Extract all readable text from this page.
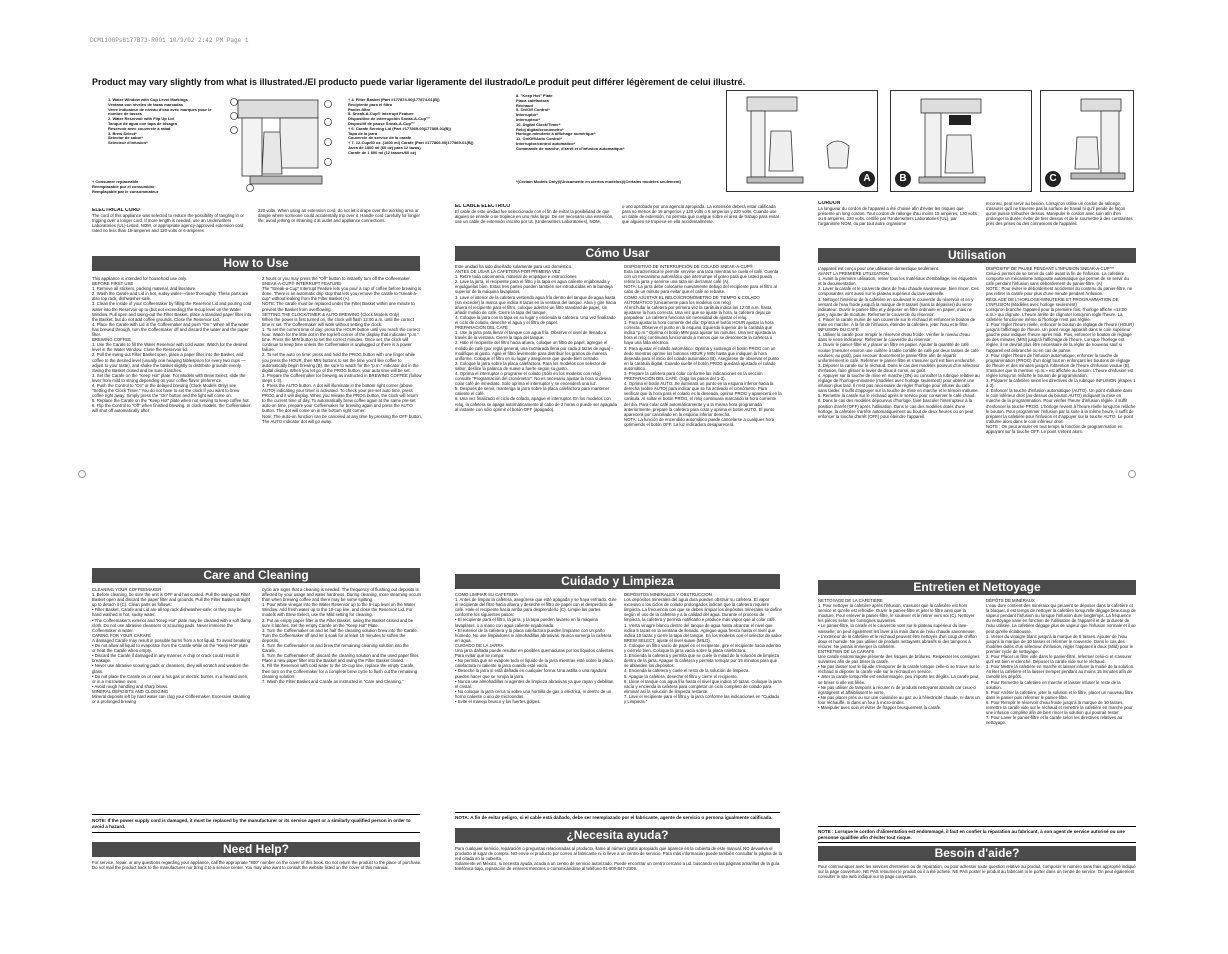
DCM1100PsB177B73-R001 10/9/02 2:42 PM Page 1
Product may vary slightly from what is illustrated./El producto puede variar ligeramente del ilustrado/Le produit peut différer légèrement de celui illustré.
1. Water Window with Cup Level Markings
Ventana con niveles de tazas marcadas
Verre indicateur de niveau d'eau avec marques pour le nombre de tasses
2. Water Reservoir with Flip Up Lid
Tanque de agua con tapa de bisagra
Réservoir avec couvercle à rabat
3. Brew Select*
Selector de sabor*
Sélecteur d'infusion*
† Consumer replaceable
Reemplazable por el consumidor
Remplaçable par le consommateur
† 4. Filter Basket (Part #177874-00|177874-01(B))
Recipiente para el filtro
Panier-filtre
5. Sneak-A-Cup® Interrupt Feature
Dispositivo de interrupción Sneak-A-Cup™
Dispositif de pause Sneak-A-Cup™
† 6. Carafe Serving Lid (Part #177869-00|177869-01(B))
Tapa de la jarra
Couvercle de service de la carafe
† 7. 12-Cup/60 oz. (1800 ml) Carafe (Part #177869-00|177869-01(B))
Jarra de 1800 ml (60 oz) para 12 tazas)
Carafe de 1 800 ml (12 tasses/60 oz)
8. "Keep Hot" Plate
Placa calefactora
Réchaud
9. On/Off Control*
Interruptor*
Interrupteur*
10. Digital Clock/Timer*
Reloj digital/cronómetro*
Horloge-minuterie à affichage numérique*
11. On/Off/Auto Control*
Interruptor/control automático*
Commande de marche, d'arrêt et d'infusion automatique*
*(Certain Models Only)/(Únicamente en ciertos modelos)/(Certains modèles seulement)	A	B	C
ELECTRICAL CORD
The cord of this appliance was selected to reduce the possibility of tangling in or tripping over a longer cord. If more length is needed, use an Underwriters Laboratories (UL)-Listed, NOM, or appropriate agency-approved extension cord rated no less than 15-amperes and 120 volts or 6-amperes
220 volts. When using an extension cord, do not let it drape over the working area or dangle where someone could accidentally trip over it. Handle cord carefully for longer life; avoid jerking or straining it at outlet and appliance connections.
How to Use
This appliance is intended for household use only.
BEFORE FIRST USE
1. Remove all stickers, packing material, and literature.
2. Wash the Carafe and Lid in hot, sudsy water—rinse thoroughly. These parts are also top rack, dishwasher-safe.
3. Clean the inside of your Coffeemaker by filling the Reservoir Lid and pouring cold water into the Reservoir up to (but not exceeding) the 8-cup level on the Water Window. Pull open and swing-out the Filter Basket, place a standard paper filter into the Basket, but do not add coffee grounds. Close the Reservoir Lid.
4. Place the Carafe with Lid in the Coffeemaker and push "On." When all the water has brewed through, turn the Coffeemaker off and discard the water and the paper filter.
BREWING COFFEE
1. Use the Carafe to fill the Water Reservoir with cold water. Watch for the desired level in the Water Window. Close the Reservoir lid.
2. Pull the swing-out Filter Basket open, place a paper filter into the Basket, and coffee to the desired level (usually one heaping tablespoon for every two cups — adjust to your taste), and shake the basket slightly to distribute grounds evenly. Swing the Basket closed and be sure it latches.
3. Set the Carafe on the "Keep Hot" plate. For Models with Brew Select, slide the lever from mild to strong depending on your coffee flavor preference.
4. Push the Control to "On" or the delayed brewing (Clock Models Only) see "Setting the Clock Timer." You do not have to set the clock if you want to brew coffee right away. Simply press the "On" button and the light will come on.
5. Replace the Carafe on the "Keep Hot" plate when not serving to keep coffee hot.
6. Flip the Control to "Off" when finished brewing. In clock models, the Coffeemaker will shut off automatically after
2 hours or you may press the "Off" button to instantly turn off the Coffeemaker.
SNEAK-A-CUP® INTERRUPT FEATURE
The "Sneak-a-Cup" Interrupt Feature lets you pour a cup of coffee before brewing is done. There is an automatic drip stop that lets you remove the carafe to "sneak-a-cup" without leaking from the Filter Basket (A).
NOTE: The carafe must be replaced under the Filter Basket within one minute to prevent the Basket from overflowing.
SETTING THE CLOCK/TIMER & AUTO BREWING (Clock Models Only)
When the power is first turned on, the clock will flash 12:00 a.m. until the correct time is set. The Coffeemaker will work without setting the clock.
1. To set the current time of day: press the HOUR button until you reach the correct hour. Watch for the little dot in the top left corner of the display that indicates "p.m." time. Press the MIN button to set the correct minutes. Once set, the clock will continue to keep time unless the Coffeemaker is unplugged or there is a power failure.
2. To set the auto on time: press and hold the PROG button with one finger while you press the HOUR, then MIN buttons to set the time you'd like coffee to automatically begin brewing (B). Be sure to watch for the "p.m." indicator dot in the digital display. When you let go of the PROG button, your auto time will be set.
3. Prepare the Coffeemaker for brewing as instructed in BREWING COFFEE (follow steps 1-3).
4. Press the AUTO button. A dot will illuminate in the bottom right corner (above AUTO) indicating your timer is activated. To check your pre-set auto time, press PROG and it will display. When you release the PROG button, the clock will return to the current time of day. To automatically brew coffee again at the same pre-set auto-on time, prepare your Coffeemaker for brewing again and press the AUTO button. The dot will come on in the bottom right corner.
Note: The auto-on function can be canceled at any time by pressing the OFF button. The AUTO indicator dot will go away.
Care and Cleaning
CLEANING YOUR COFFEEMAKER
1. Before cleaning, be sure the unit is OFF and has cooled. Pull the swing-out Filter Basket open and discard the paper filter and grounds. Pull the Filter Basket straight up to detach it (C). Clean parts as follows:
• Filter Basket, Carafe and Lid are all top rack dishwasher-safe; or they may be hand washed in hot, sudsy water.
• The Coffeemaker's exterior and "Keep Hot" plate may be cleaned with a soft damp cloth. Do not use abrasive cleansers or scouring pads. Never immerse the Coffeemaker in water.
CARING FOR YOUR CARAFE
A damaged Carafe may result in possible burns from a hot liquid. To avoid breaking:
• Do not allow all liquid to evaporate from the Carafe while on the "Keep Hot" plate or heat the Carafe when empty.
• Discard the Carafe if damaged in any manner. A chip or crack could result in breakage.
• Never use abrasive scouring pads or cleansers, they will scratch and weaken the glass.
• Do not place the Carafe on or near a hot gas or electric burner, in a heated oven, or in a microwave oven.
• Avoid rough handling and sharp blows.
MINERAL DEPOSITS AND CLOGGING
Mineral deposits left by hard water can clog your Coffeemaker. Excessive steaming or a prolonged brewing
cycle are signs that a cleaning is needed. The frequency of flushing out deposits is affected by your usage and water hardness. During cleaning, more steaming occurs than when brewing coffee and there may be some spitting.
1. Pour white vinegar into the Water Reservoir up to the 5-cup level on the Water Window. Add fresh water up to the 10-cup line, and close the Reservoir Lid. For models with Brew Select, use the Mild setting for cleaning.
2. Put an empty paper filter in the Filter Basket, swing the Basket closed and be sure it latches. Set the empty Carafe on the "Keep Hot" Plate.
3. Turn the Coffeemaker on and let half the cleaning solution brew into the Carafe. Turn the Coffeemaker off and let it soak for at least 15 minutes to soften the deposits.
4. Turn the Coffeemaker on and brew the remaining cleaning solution into the Carafe.
5. Turn the Coffeemaker off; discard the cleaning solution and the used paper filter. Place a new paper filter into the Basket and swing the Filter Basket closed.
6. Fill the Reservoir with cold water to the 10-cup line, replace the empty Carafe, then turn on the Coffeemaker for a complete brew cycle to flush out the remaining cleaning solution.
7. Wash the Filter Basket and Carafe as instructed in "Care and Cleaning."
NOTE: If the power supply cord is damaged, it must be replaced by the manufacturer or its service agent or a similarly qualified person in order to avoid a hazard.
Need Help?
For service, repair, or any questions regarding your appliance, call the appropriate "800" number on the cover of this book. Do not return the product to the place of purchase. Do not mail the product back to the manufacturer nor bring it to a service center. You may also want to consult the website listed on the cover of this manual.
EL CABLE ELECTRICO
El cable de este unidad fue seleccionado con el fin de evitar la posibilidad de que alguien se enrede o se tropiece en uno más largo. De ser necesario una extensión, use un cable de extensión inscrito por UL (Underwriters Laboratories), NOM,
o uno aprobado por una agencia apropiada. La extensión deberá estar calificada para no menos de 15 amperios y 120 volts o 6 amperios y 220 volts. Cuando use un cable de extensión, no permita que cuelgue sobre el área de trabajo para evitar que alguien se tropiece en ella accidentalmente.
Cómo Usar
Este unidad ha sido diseñado solamente para uso doméstico.
ANTES DE USAR LA CAFETERA POR PRIMERA VEZ
1. Retire toda calcomanía, material de empaque e instrucciones
2. Lave la jarra, el recipiente para el filtro y la tapa en agua caliente enjabonada y enjuáguelas bien. Estas tres partes pueden también ser introducidas en la bandeja superior de la máquina lavaplatos.
3. Lave el interior de la cafetera vertiendo agua fría dentro del tanque de agua hasta (sin exceder) la marca que indica 8 tazas en la ventana del tanque. Abra y gire hacia afuera el recipiente para el filtro, coloque adentro un filtro standard de papel, sin añadir molido de café. Cierre la tapa del tanque.
4. Coloque la jarra con la tapa en su lugar y encienda la cafetera. Una vez finalizado el ciclo de colado, deseche el agua y el filtro de papel.
PREPARACIÓN DEL CAFÉ
1. Use la jarra para llenar el tanque con agua fría. Observe el nivel de llenado a través de la ventana. Cierre la tapa del tanque.
2. Hale el recipiente del filtro hacia afuera, coloque un filtro de papel, agregue el molido de café (por regla general, una cucharada llena por cada 2 tazas de agua) - modifique al gusto. Agite el filtro levemente para distribuir los granos de manera uniforme. Coloque el filtro en su lugar y asegúrese que quede bien cerrado.
3. Coloque la jarra sobre la placa calefactora. Para los modelos con selector de sabor, deslice la palanca de suave a fuerte según su gusto.
4. Oprima el interruptor o programe el colado (Sólo en los modelos con reloj) consulte "Programación del cronómetro". No es necesario ajustar la hora si desea colar café de inmediato. Sólo oprima el interruptor y se encenderá una luz.
5. Después de servir, mantenga la jarra sobre la placa calefactora para mantener caliente el café.
6. Una vez finalizado el ciclo de colado, apague el interruptor. En los modelos con reloj, la cafetera se apaga automáticamente al cabo de 2 horas o puede ser apagada al instante con sólo oprimir el botón OFF (apagado).
DISPOSITIVO DE INTERRUPCIÓN DE COLADO SNEAK-A-CUP®
Esta característica le permite servirse una taza mientras se cuela el café. Cuenta con un mecanismo automático que interrumpe el goteo para que usted pueda retirar la jarra y servirse una taza sin derramar café (A).
NOTA: La jarra debe colocarse nuevamente debajo del recipiente para el filtro al cabo de un minuto para evitar que el café se rebalse.
COMO AJUSTAR EL RELOJ/CRONÓMETRO DE TIEMPO & COLADO AUTOMÁTICO (Únicamente para los modelos con reloj)
Al enchufar la cafetera por primera vez la carátula indica las 12:00 a.m. hasta ajustarse la hora correcta. Una vez que se ajuste la hora, la cafetera dejar de parpadear. La cafetera funciona sin necesidad de ajustar el reloj.
1. Para ajustar la hora corriente del día: Oprima el botón HOUR ajustar la hora correcta. Observe el punto en la esquina izquierda superior de la carátula que indica "p.m." Oprima el botón MIN para ajustar los minutos. Una vez ajustada la hora el reloj continuara funcionando a menos que se desconecte la cafetera o haya una falla eléctrica.
2. Para ajustar el colado automático: Oprima y sostenga el botón PROG con un dedo mientras oprime los botones HOUR y MIN hasta que indiquen la hora deseada para el inicio del colado automático (B). Asegúrese de observar el punto en la carátula digital. Cuando suelte el botón PROG quedará ajustado el colado automático.
3. Prepare la cafetera para colar conforme las indicaciones en la sección PREPARACIÓN DEL CAFÉ. (Siga los pasos del 1-3).
4. Oprima el botón AUTO. Se iluminará un punto en la esquina inferior hacia la derecha (sobre AUTO) para indicar que se ha activado el cronómetro. Para verificar que la hora para el colado es la deseada, oprima PROG y aparecerá en la carátula. Al soltar el botón PROG, el reloj continuara marcando la hora corriente del día. Para colar café automáticamente y a la misma hora programada anteriormente, prepare la cafetera para colar y oprima el botón AUTO. El punto aparecerá por cancelado en la esquina inferior derecha.
NOTA: La función de encendido automático puede cancelarse a cualquier hora oprimiendo el botón OFF. La luz indicadora desaparecerá.
Cuidado y Limpieza
COMO LIMPIAR SU CAFETERA
1. Antes de limpiar la cafetera, asegúrese que esté apagada y se haya enfriado. Gire el recipiente del filtro hacia afuera y deseche el filtro de papel con el desperdicio de café. Hale el recipiente hacia arriba para desprenderlo (C). Limpie las partes conforme los siguientes pasos:
• El recipiente para el filtro, la jarra, y la tapa pueden lavarse en la máquina lavaplatos, o a mano con agua caliente enjabonada.
• El exterior de la cafetera y la placa calefactora pueden limpiarse con un paño húmedo. No use limpiadores ni almohadillas abrasivas. Nunca sumerja la cafetera en agua.
CUIDADO DE LA JARRA
Una jarra dañada puede resultar en posibles quemaduras por los líquidos calientes. Para evitar que se rompa:
• No permita que se evapore todo el líquido de la jarra mientras esté sobre la placa calefactora ni caliente la jarra cuando esté vacía.
• Deseche la jarra si está dañada en cualquier forma. Una astilla o una rajadura pueden hacer que se rompa la jarra.
• Nunca use almohadillas ni agentes de limpieza abrasivas ya que rayan y debilitan el cristal.
• No coloque la jarra cerca ni sobre una hornilla de gas o eléctrica, ni dentro de un horno caliente o uno de microondas.
• Evite el manejo brusco y los fuertes golpes.
DEPÓSITOS MINERALES Y OBSTRUCCION
Los depósitos minerales del agua dura pueden obstruir su cafetera. El vapor excesivo o los ciclos de colado prolongados indican que la cafetera requiere limpieza. La frecuencia con que se deben limpiar los depósitos minerales se define según el uso de la cafetera y a la calidad del agua. Durante el proceso de limpieza, la cafetera y permita notificarlo e produce más vapor que al colar café.
1. Vierta vinagre blanco dentro del tanque de agua hasta alcanzar el nivel que indica 5 tazas en la ventana de llenado. Agregue agua fresca hasta el nivel que indica 10 tazas y cierre la tapa del tanque. En los modelos con el selector de sabor BREW SELECT, ajuste el nivel suave (MILD).
2. Coloque un filtro vacío de papel en el recipiente, gire el recipiente hacia adentro y ciérrelo bien. Coloque la jarra vacía sobre la placa calefactora.
3. Encienda la cafetera y permita que se cuele la mitad de la solución de limpieza dentro de la jarra. Apague la cafetera y permita remojar por 15 minutos para que se ablanden los depósitos.
4. Encienda la cafetera y cuele el resto de la solución de limpieza.
5. Apague la cafetera, deseche el filtro y cierre el recipiente.
6. Llene el tanque con agua fría hasta el nivel que indica 10 tazas. Coloque la jarra vacía y encienda la cafetera para completar un ciclo completo de colado para eliminar así la solución de limpieza restante.
7. Lave el recipiente para el filtro y la jarra conforme las indicaciones en "Cuidado y Limpieza."
NOTA: A fin de evitar peligro, si el cable está dañado, debe ser reemplazado por el fabricante, agente de servicio o persona igualmente calificada.
¿Necesita ayuda?
Para cualquier servicio, reparación o preguntas relacionadas al producto, llame al número gratis apropiado que aparece en la cubierta de este manual. NO devuelva el producto al lugar de compra. NO envíe el producto por correo al fabricante ni lo lleve a un centro de servicio. Para más información puede también consultar la página de la red citada en la cubierta.
Solamente en México, si necesita ayuda, acuda a un centro de servicio autorizado. Puede encontrar un centro cercano a ud. buscando en las páginas amarillas de la guía telefónica bajo, reparación de enseres menores o comunicándose al teléfono 01-800-847-2309.
CORDON
La longueur du cordon de l'appareil a été choisie afin d'éviter les risques que présente un long cordon. Tout cordon de rallonge d'au moins 15 ampères, 120 volts ou 6 ampères, 220 volts, certifié par l'Underwriters Laboratories (UL), par l'organisme NOM, ou par tout autre organisme
reconnu, peut servir au besoin. Lorsqu'on utilise un cordon de rallonge, s'assurer qu'il ne traverse pas la surface de travail ni qu'il pende de façon qu'on puisse trébucher dessus. Manipuler le cordon avec soin afin d'en prolonger la durée; éviter de tirer dessus et de le soumettre à des contraintes près des prises ou des connexions de l'appareil.
Utilisation
L'appareil est conçu pour une utilisation domestique seulement.
AVANT LA PREMIÈRE UTILISATION
1. Avant la première utilisation, retirer tous les matériaux d'emballage, les étiquettes et la documentation.
2. Laver la carafe et le couvercle dans de l'eau chaude savonneuse, bien rincer. Ces composantes vont aussi sur le plateau supérieur du lave-vaisselle.
3. Nettoyer l'intérieur de la cafetière en soulevant le couvercle du réservoir et en y versant de l'eau froide jusqu'à la marque de 8 tasses (sans la dépasser) du verre indicateur. Ouvrir le panier-filtre et y déposer un filtre ordinaire en papier, mais ne pas y ajouter de mouture. Refermer le couvercle du réservoir.
4. Placer la carafe munie de son couvercle sur le réchaud et enfoncer le bouton de mise en marche. À la fin de l'infusion, éteindre la cafetière, jeter l'eau et le filtre.
INFUSION DU CAFÉ
1. Utiliser la carafe pour remplir le réservoir d'eau froide. Vérifier le niveau d'eau dans le verre indicateur. Refermer le couvercle du réservoir.
2. Ouvrir le panier-filtre et y placer un filtre en papier. Ajouter la quantité de café voulue (mesurer environ une cuillère à table comble de café par deux tasses de café voulues; au goût), puis secouer doucement le panier-filtre afin de répartir uniformément le café. Refermer le panier-filtre et s'assurer qu'il est bien enclenché.
3. Déposer la carafe sur le réchaud. Dans le cas des modèles pourvus d'un sélecteur d'infusion, faire glisser le levier de doux à corsé, au goût.
4. Appuyer sur la touche de mise en marche (ON) ou consulter la rubrique relative au réglage de l'horloge-minuterie (modèles avec horloge seulement) pour obtenir une infusion plus tard. Il n'est pas nécessaire de régler l'horloge pour infuser du café sans tarder. Il suffit d'appuyer sur la touche de mise en marche et le témoin s'allume.
5. Remettre la carafe sur le réchaud après le service pour conserver le café chaud.
6. Dans le cas des modèles dépourvus d'horloge, faire basculer l'interrupteur à la position d'arrêt (OFF) après l'utilisation. Dans le cas des modèles dotés d'une horloge, la cafetière s'arrête automatiquement au bout de deux heures ou on peut enfoncer la touche d'arrêt (OFF) pour éteindre l'appareil.
DISPOSITIF DE PAUSE PENDANT L'INFUSION SNEAK-A-CUP™
Celui-ci permet de se servir du café avant la fin de l'infusion. La cafetière comporte un mécanisme antigoutte automatique qui permet de se servir du café pendant l'infusion sans débordement du panier-filtre. (A)
NOTE : Pour éviter le débordement accidentel du contenu du panier-filtre, ne pas retirer la carafe pour plus d'une minute pendant l'infusion.
RÉGLAGE DE L'HORLOGE-MINUTERIE ET PROGRAMMATION DE L'INFUSION (Modèles avec horloge seulement)
Lorsqu'on branche l'appareil pour la première fois, l'horloge affiche «12:00 a.m.» qui clignote. L'heure arrête de clignoter lorsqu'on règle l'heure. La cafetière fonctionne même si l'horloge n'est pas réglée.
1. Pour régler l'heure réelle, enfoncer le bouton de réglage de l'heure (HOUR) jusqu'à l'affichage de l'heure. Un point rouge apparaît dans le coin supérieur gauche pour indiquer l'heure après midi. Puis, enfoncer le bouton de réglage de des minutes (MIN) jusqu'à l'affichage de l'heure. Lorsque l'horloge est réglée, il ne devrait plus être nécessaire de la régler de nouveau sauf si l'appareil est débranché ou en cas de panne.
2. Pour régler l'heure de l'infusion automatique, enfoncer la touche de programmation (PROG) d'un doigt tout en enfonçant les boutons de réglage de l'heure et des minutes jusqu'à l'obtention de l'heure d'infusion voulue (B). S'assurer que la mention «p.m.» est affichée au besoin. L'heure d'infusion est réglée lorsqu'on relâche le bouton de programmation.
3. Préparer la cafetière selon les directives de la rubrique INFUSION (étapes 1 à 3).
4. Enfoncer la touche d'infusion automatique (AUTO). Un point s'allume dans le coin inférieur droit (au-dessus du bouton AUTO) indiquant la mise en marche de la programmation. Pour vérifier l'heure d'infusion réglée, il suffit d'enfoncer la touche PROG. L'horloge revient à l'heure réelle lorsqu'on relâche le bouton. Pour programmer l'infusion par la suite à la même heure, il suffit de préparer la cafetière pour l'infusion et d'appuyer sur la touche AUTO. Le point s'allume alors dans le coin inférieur droit.
NOTE : On peut annuler en tout temps la fonction de programmation en appuyant sur la touche OFF. Le point s'éteint alors.
Entretien et Nettoyage
NETTOYAGE DE LA CAFETIÈRE
1. Pour nettoyer la cafetière après l'infusion, s'assurer que la cafetière est hors service et qu'elle est refroidie. Ouvrir le panier-filtre et jeter le filtre ainsi que la mouture. Pour enlever le panier-filtre, le soulever et le retirer vers soi (C). Nettoyer les pièces selon les consignes suivantes.
• Le panier-filtre, la carafe et le couvercle vont sur le plateau supérieur du lave-vaisselle; on peut également les laver à la main dans de l'eau chaude savonneuse.
• L'extérieur de la cafetière et le réchaud peuvent être nettoyés d'un coup de chiffon doux et humide. Ne pas utiliser de produits nettoyants abrasifs ni des tampons à récurer. Ne jamais immerger la cafetière.
ENTRETIEN DE LA CARAFE
Une carafe endommagée présente des risques de brûlures. Respecter les consignes suivantes afin de pas briser la carafe.
• Ne pas laisser tout le liquide s'évaporer de la carafe lorsque celle-ci se trouve sur le réchaud ni déposer la carafe vide sur le réchaud en service.
• Jeter la carafe lorsqu'elle est endommagée, peu importe les dégâts. La carafe peut se briser si elle est fêlée.
• Ne pas utiliser de tampons à récurer ni de produits nettoyants abrasifs car ceux-ci égratignent et affaiblissent le verre.
• Ne pas placer près ou sur une cuisinière au gaz ou à l'électricité chaude, ni dans un four réchauffé, ni dans un four à micro-ondes.
• Manipuler avec soin et éviter de frapper brusquement la carafe.
DÉPÔTS DE MINÉRAUX
L'eau dure contient des minéraux qui peuvent se déposer dans la cafetière et la bloquer. Il est temps de nettoyer la cafetière lorsqu'elle dégage beaucoup de vapeur pendant l'infusion ou lorsque l'infusion dure longtemps. La fréquence du nettoyage varie en fonction de l'utilisation de l'appareil et de la dureté de l'eau utilisée. La cafetière dégage plus de vapeur que l'infusion normale et il se peut qu'elle éclabousse.
1. Verser du vinaigre blanc jusqu'à la marque de 5 tasses. Ajouter de l'eau jusqu'à la marque de 10 tasses et refermer le couvercle. Dans le cas des modèles dotés d'un sélecteur d'infusion, régler l'appareil à doux (Mild) pour le premier cycle de nettoyage.
2. Pour Placer un filtre vide dans le panier-filtre, refermer celui-ci et s'assurer qu'il est bien enclenché. Déposer la carafe vide sur le réchaud.
3. Pour Mettre la cafetière en marche et laisser infuser la moitié de la solution. Arrêter la cafetière et la laisser tremper pendant au moins 15 minutes afin de ramollir les dépôts.
4. Pour Remettre la cafetière en marche et laisser infuser le reste de la solution.
5. Pour Arrêter la cafetière, jeter la solution et le filtre, placer un nouveau filtre dans le panier puis refermer le panier-filtre.
6. Pour Remplir le réservoir d'eau froide jusqu'à la marque de 10 tasses, remettre la carafe vide sur le réchaud et remettre la cafetière en marche pour une infusion complète afin de bien rincer la solution qui pourrait rester.
7. Pour Laver le panier-filtre et la carafe selon les directives relatives au nettoyage.
NOTE : Lorsque le cordon d'alimentation est endommagé, il faut en confier la réparation au fabricant, à son agent de service autorisé ou une personne qualifiée afin d'éviter tout risque.
Besoin d'aide?
Pour communiquer avec les services d'entretien ou de réparation, ou pour adresser toute question relative au produit, composer le numéro sans frais approprié indiqué sur la page couverture. NE PAS retourner le produit où il a été acheté. NE PAS poster le produit au fabricant ni le porter dans un centre de service. On peut également consulter le site web indiqué sur la page couverture.
